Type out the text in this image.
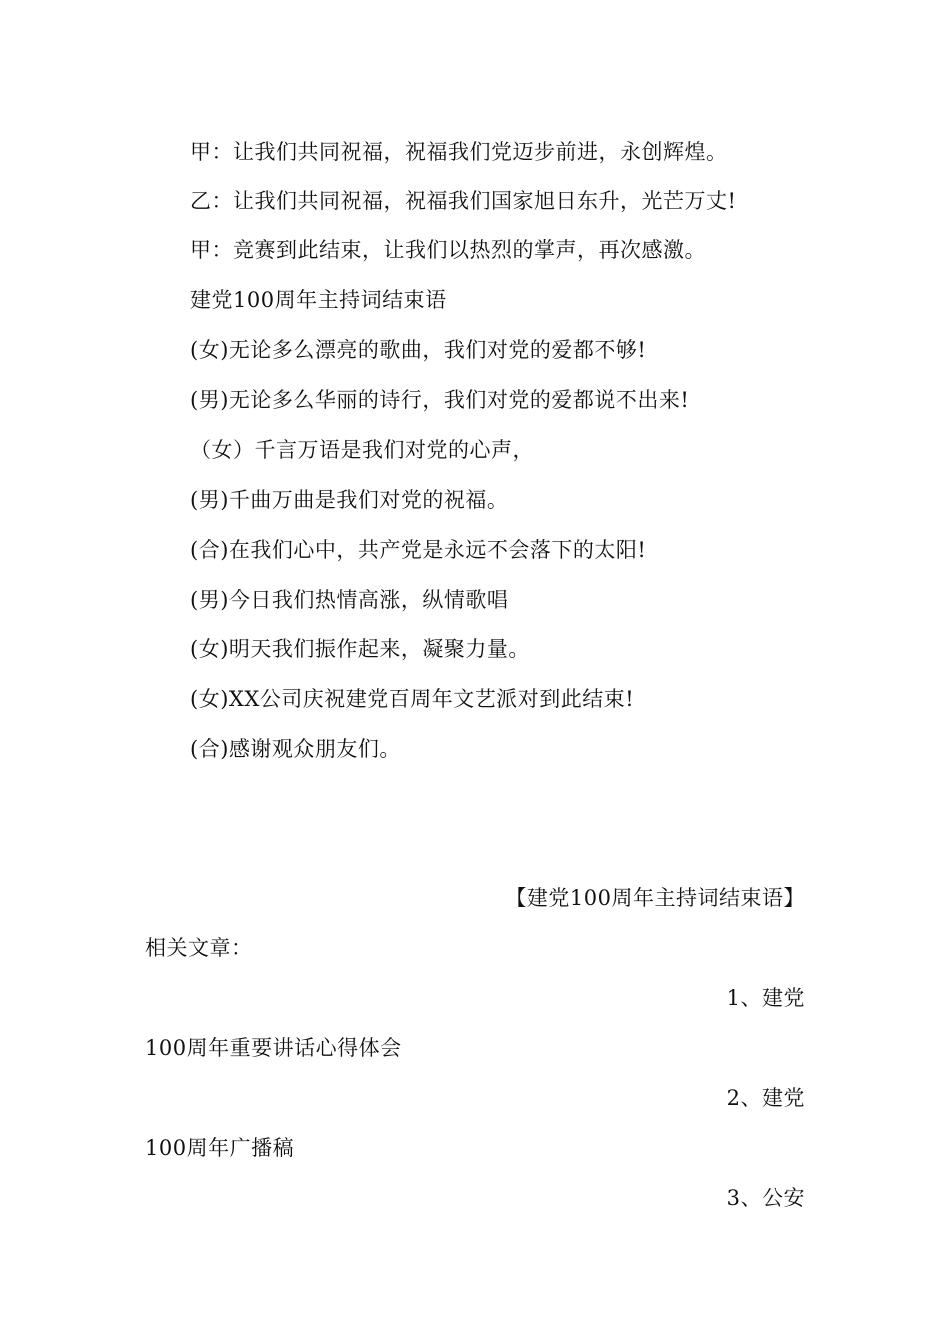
甲：让我们共同祝福，祝福我们党迈步前进，永创辉煌。
乙：让我们共同祝福，祝福我们国家旭日东升，光芒万丈!
甲：竞赛到此结束，让我们以热烈的掌声，再次感激。
建党100周年主持词结束语
(女)无论多么漂亮的歌曲，我们对党的爱都不够!
(男)无论多么华丽的诗行，我们对党的爱都说不出来!
（女）千言万语是我们对党的心声，
(男)千曲万曲是我们对党的祝福。
(合)在我们心中，共产党是永远不会落下的太阳!
(男)今日我们热情高涨，纵情歌唱
(女)明天我们振作起来，凝聚力量。
(女)XX公司庆祝建党百周年文艺派对到此结束!
(合)感谢观众朋友们。
【建党100周年主持词结束语】
相关文章：
1、建党
100周年重要讲话心得体会
2、建党
100周年广播稿
3、公安
